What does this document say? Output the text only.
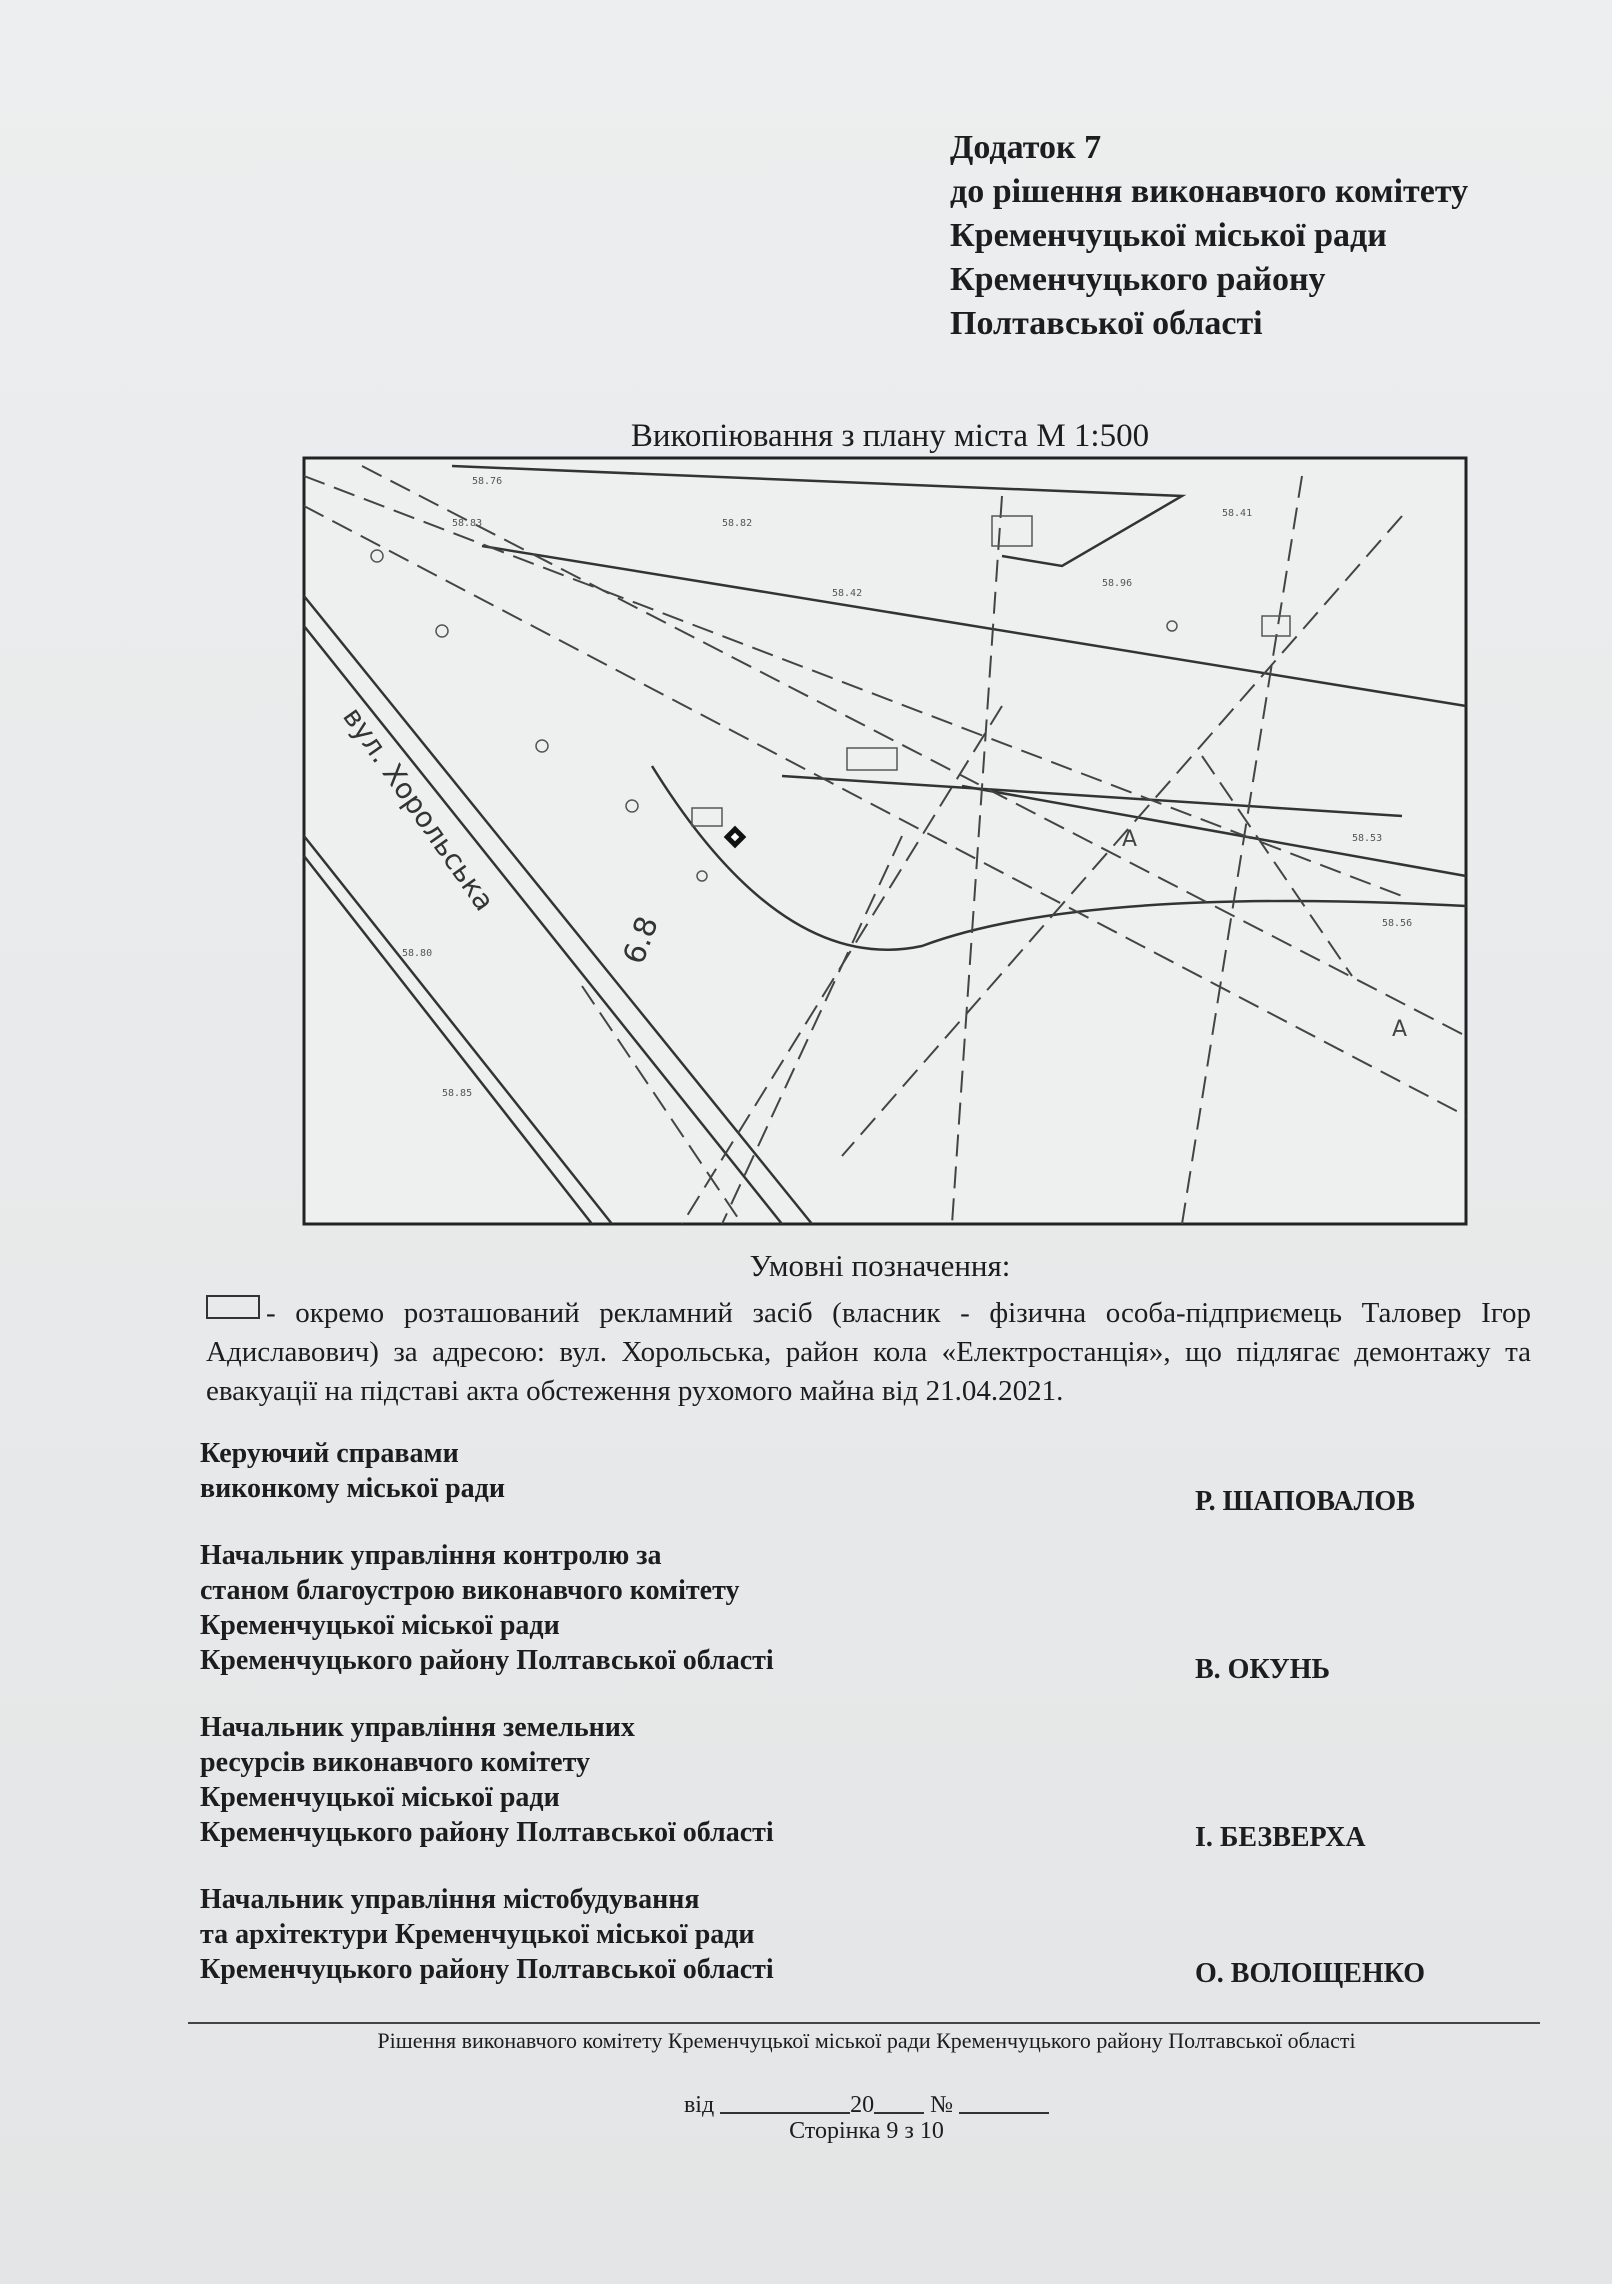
Додаток 7
до рішення виконавчого комітету
Кременчуцької міської ради
Кременчуцького району
Полтавської області
Викопіювання з плану міста М 1:500
58.76
58.83	58.82
58.42
58.96
58.41
58.80
58.85
58.56
58.53
вул. Хорольська
6.8
A
A
Умовні позначення:
- окремо розташований рекламний засіб (власник - фізична особа-підприємець Таловер Ігор Адиславович) за адресою: вул. Хорольська, район кола «Електростанція», що підлягає демонтажу та евакуації на підставі акта обстеження рухомого майна від 21.04.2021.
Керуючий справами
виконкому міської ради	Р. ШАПОВАЛОВ
Начальник управління контролю за
станом благоустрою виконавчого комітету
Кременчуцької міської ради
Кременчуцького району Полтавської області	В. ОКУНЬ
Начальник управління земельних
ресурсів виконавчого комітету
Кременчуцької міської ради
Кременчуцького району Полтавської області	І. БЕЗВЕРХА
Начальник управління містобудування
та архітектури Кременчуцької міської ради
Кременчуцького району Полтавської області	О. ВОЛОЩЕНКО
Рішення виконавчого комітету Кременчуцької міської ради Кременчуцького району Полтавської області
від	20 №
Сторінка 9 з 10
